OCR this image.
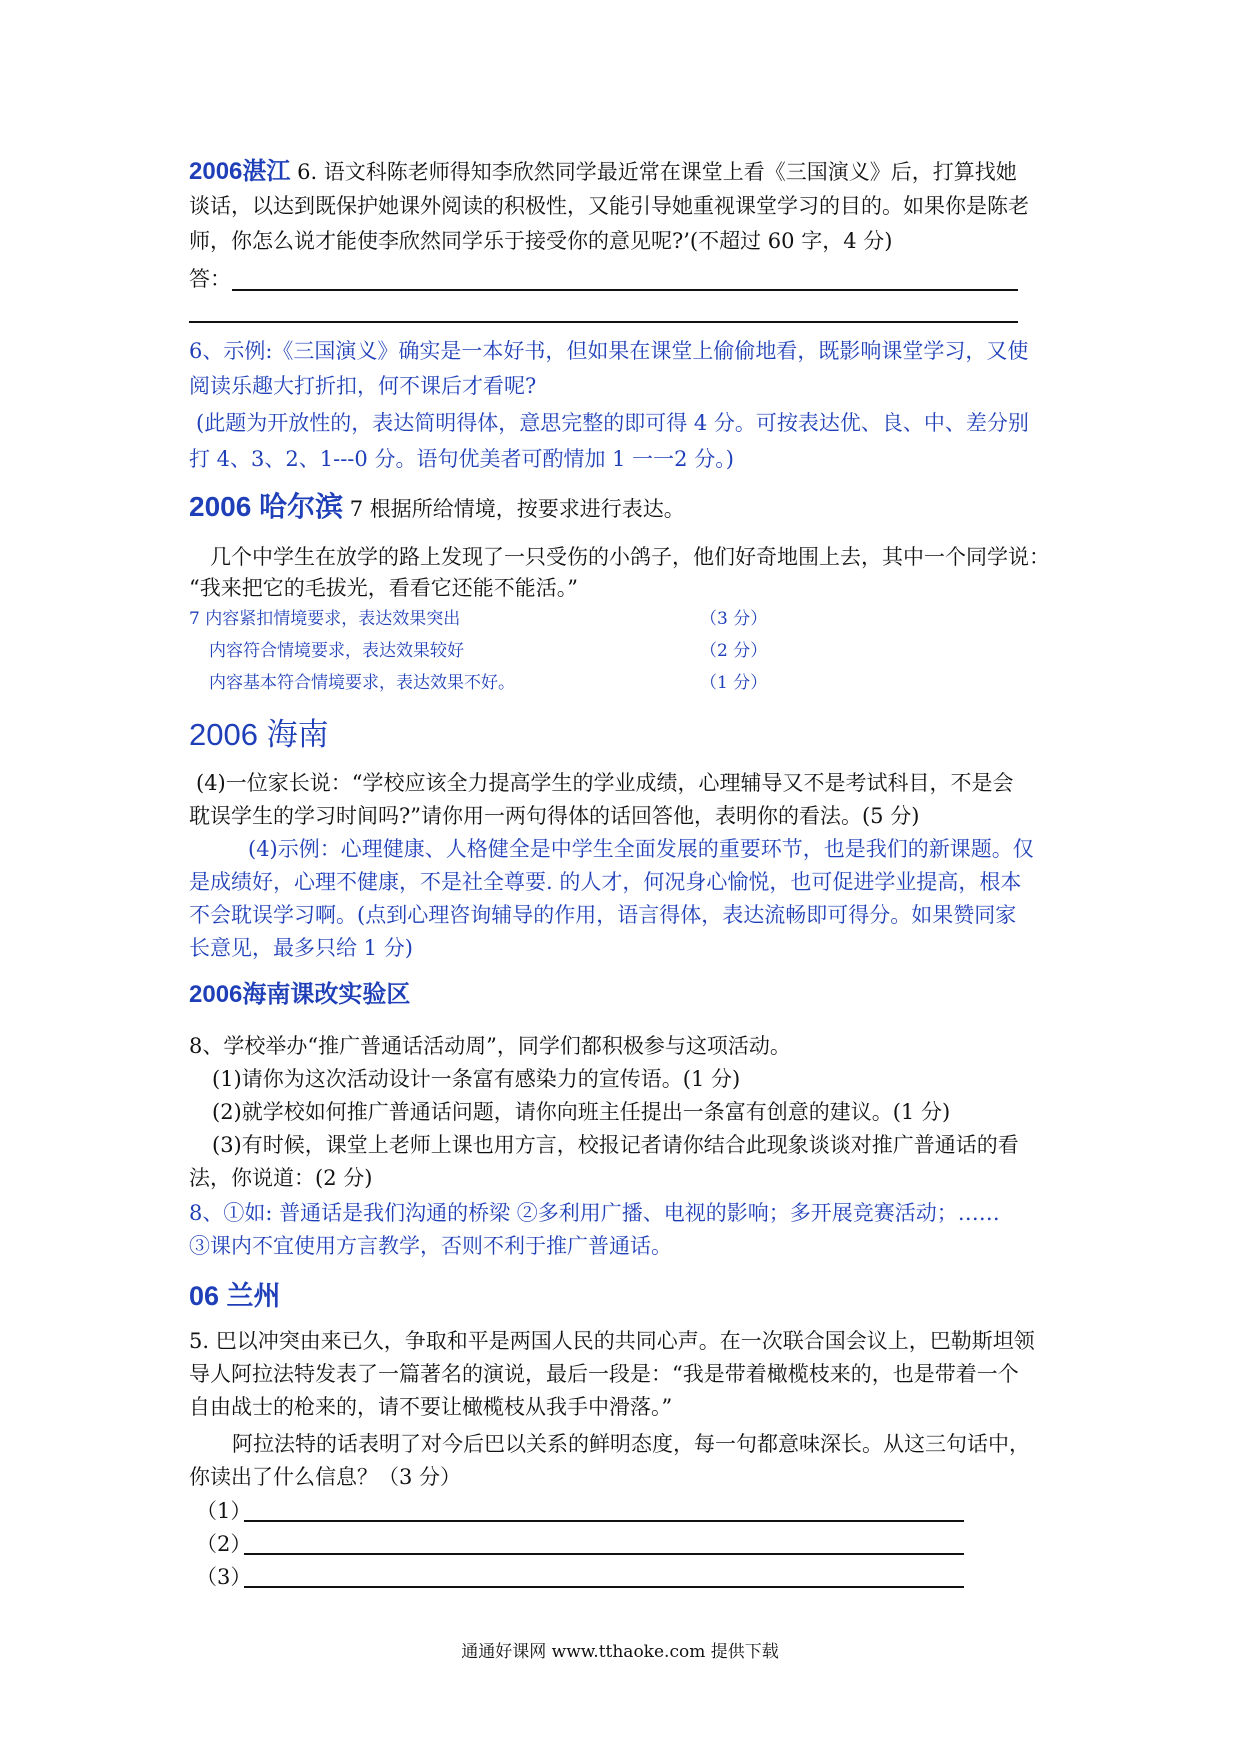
2006湛江 6. 语文科陈老师得知李欣然同学最近常在课堂上看《三国演义》后，打算找她
谈话，以达到既保护她课外阅读的积极性，又能引导她重视课堂学习的目的。如果你是陈老
师，你怎么说才能使李欣然同学乐于接受你的意见呢?’(不超过 60 字，4 分)
答：
6、示例:《三国演义》确实是一本好书，但如果在课堂上偷偷地看，既影响课堂学习，又使
阅读乐趣大打折扣，何不课后才看呢?
(此题为开放性的，表达简明得体，意思完整的即可得 4 分。可按表达优、良、中、差分别
打 4、3、2、1---0 分。语句优美者可酌情加 1 一一2 分。)
2006 哈尔滨 7 根据所给情境，按要求进行表达。
几个中学生在放学的路上发现了一只受伤的小鸽子，他们好奇地围上去，其中一个同学说：
“我来把它的毛拔光，看看它还能不能活。”
7 内容紧扣情境要求，表达效果突出	（3 分）
内容符合情境要求，表达效果较好	（2 分）
内容基本符合情境要求，表达效果不好。	（1 分）
2006 海南
(4)一位家长说：“学校应该全力提高学生的学业成绩，心理辅导又不是考试科目，不是会
耽误学生的学习时间吗?”请你用一两句得体的话回答他，表明你的看法。(5 分)
(4)示例：心理健康、人格健全是中学生全面发展的重要环节，也是我们的新课题。仅
是成绩好，心理不健康，不是社全尊要. 的人才，何况身心愉悦，也可促进学业提高，根本
不会耽误学习啊。(点到心理咨询辅导的作用，语言得体，表达流畅即可得分。如果赞同家
长意见，最多只给 1 分)
2006海南课改实验区
8、学校举办“推广普通话活动周”，同学们都积极参与这项活动。
(1)请你为这次活动设计一条富有感染力的宣传语。(1 分)
(2)就学校如何推广普通话问题，请你向班主任提出一条富有创意的建议。(1 分)
(3)有时候，课堂上老师上课也用方言，校报记者请你结合此现象谈谈对推广普通话的看
法，你说道：(2 分)
8、①如: 普通话是我们沟通的桥梁 ②多利用广播、电视的影响；多开展竞赛活动；……
③课内不宜使用方言教学，否则不利于推广普通话。
06 兰州
5. 巴以冲突由来已久，争取和平是两国人民的共同心声。在一次联合国会议上，巴勒斯坦领
导人阿拉法特发表了一篇著名的演说，最后一段是：“我是带着橄榄枝来的，也是带着一个
自由战士的枪来的，请不要让橄榄枝从我手中滑落。”
阿拉法特的话表明了对今后巴以关系的鲜明态度，每一句都意味深长。从这三句话中，
你读出了什么信息？（3 分）
（1）
（2）
（3）
通通好课网 www.tthaoke.com 提供下载
